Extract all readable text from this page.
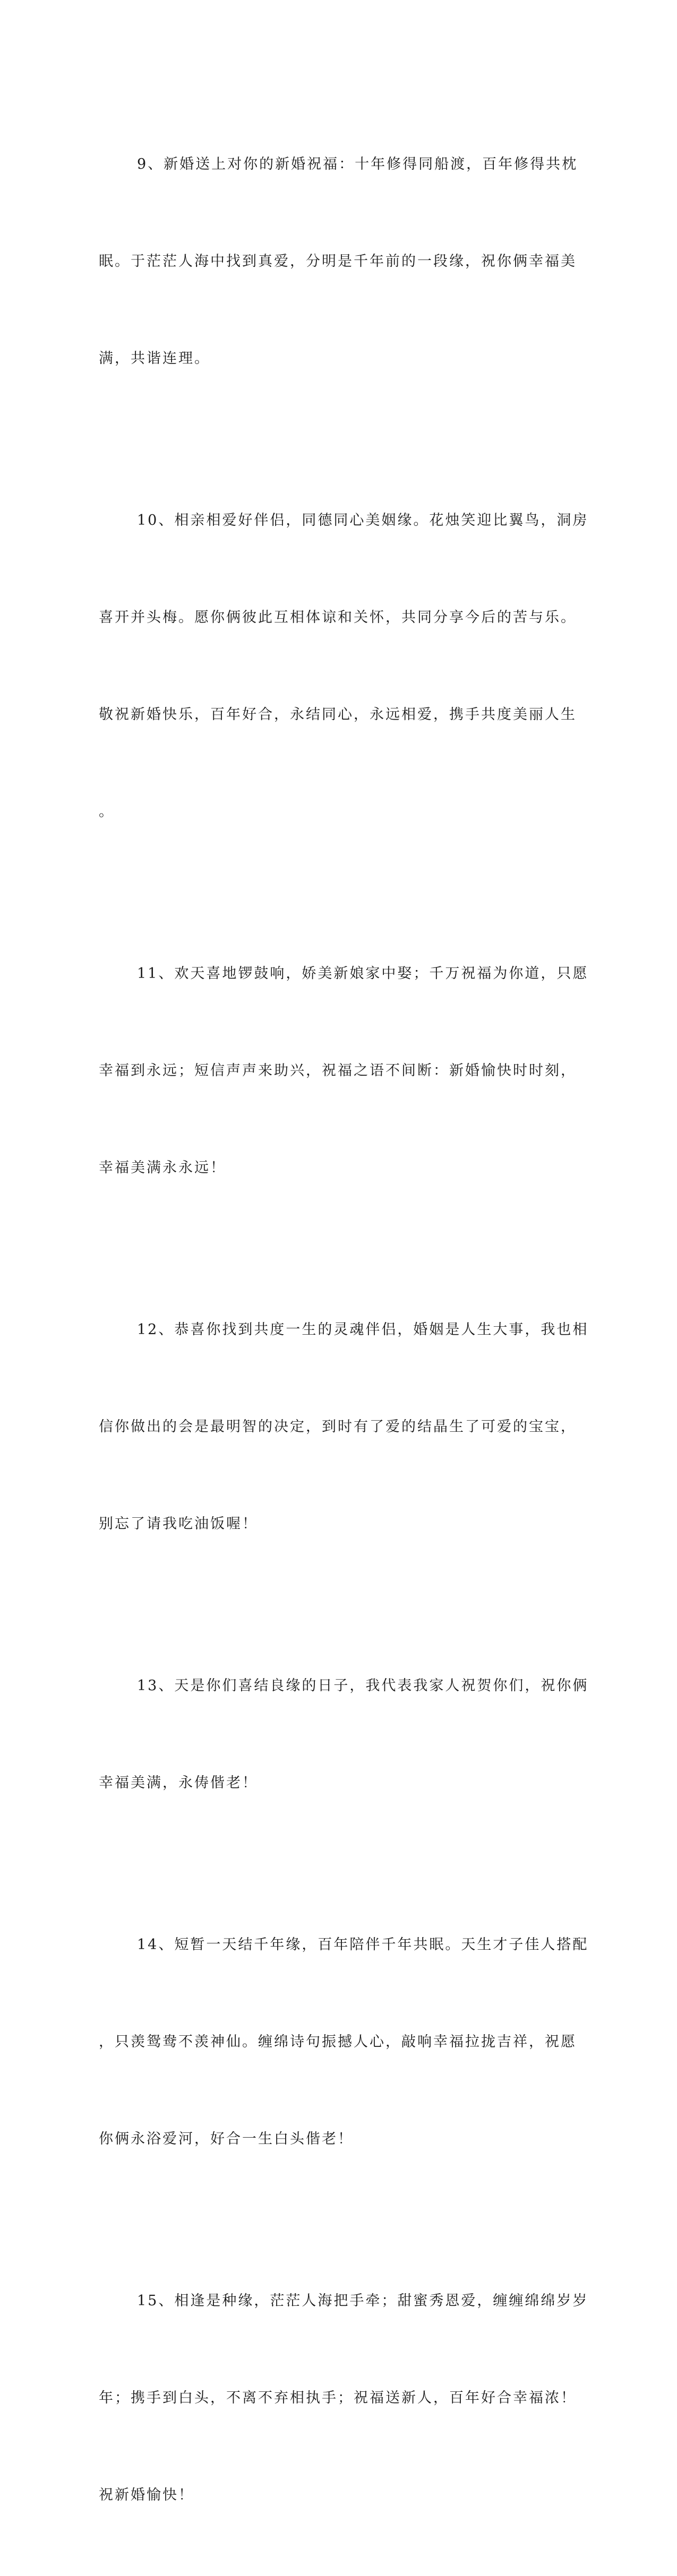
9、新婚送上对你的新婚祝福：十年修得同船渡，百年修得共枕

眠。于茫茫人海中找到真爱，分明是千年前的一段缘，祝你俩幸福美

满，共谐连理。

10、相亲相爱好伴侣，同德同心美姻缘。花烛笑迎比翼鸟，洞房

喜开并头梅。愿你俩彼此互相体谅和关怀，共同分享今后的苦与乐。

敬祝新婚快乐，百年好合，永结同心，永远相爱，携手共度美丽人生

。

11、欢天喜地锣鼓响，娇美新娘家中娶；千万祝福为你道，只愿

幸福到永远；短信声声来助兴，祝福之语不间断：新婚愉快时时刻，

幸福美满永永远！

12、恭喜你找到共度一生的灵魂伴侣，婚姻是人生大事，我也相

信你做出的会是最明智的决定，到时有了爱的结晶生了可爱的宝宝，

别忘了请我吃油饭喔！

13、天是你们喜结良缘的日子，我代表我家人祝贺你们，祝你俩

幸福美满，永俦偕老！

14、短暂一天结千年缘，百年陪伴千年共眠。天生才子佳人搭配

，只羡鸳鸯不羡神仙。缠绵诗句振撼人心，敲响幸福拉拢吉祥，祝愿

你俩永浴爱河，好合一生白头偕老！

15、相逢是种缘，茫茫人海把手牵；甜蜜秀恩爱，缠缠绵绵岁岁

年；携手到白头，不离不弃相执手；祝福送新人，百年好合幸福浓！

祝新婚愉快！
